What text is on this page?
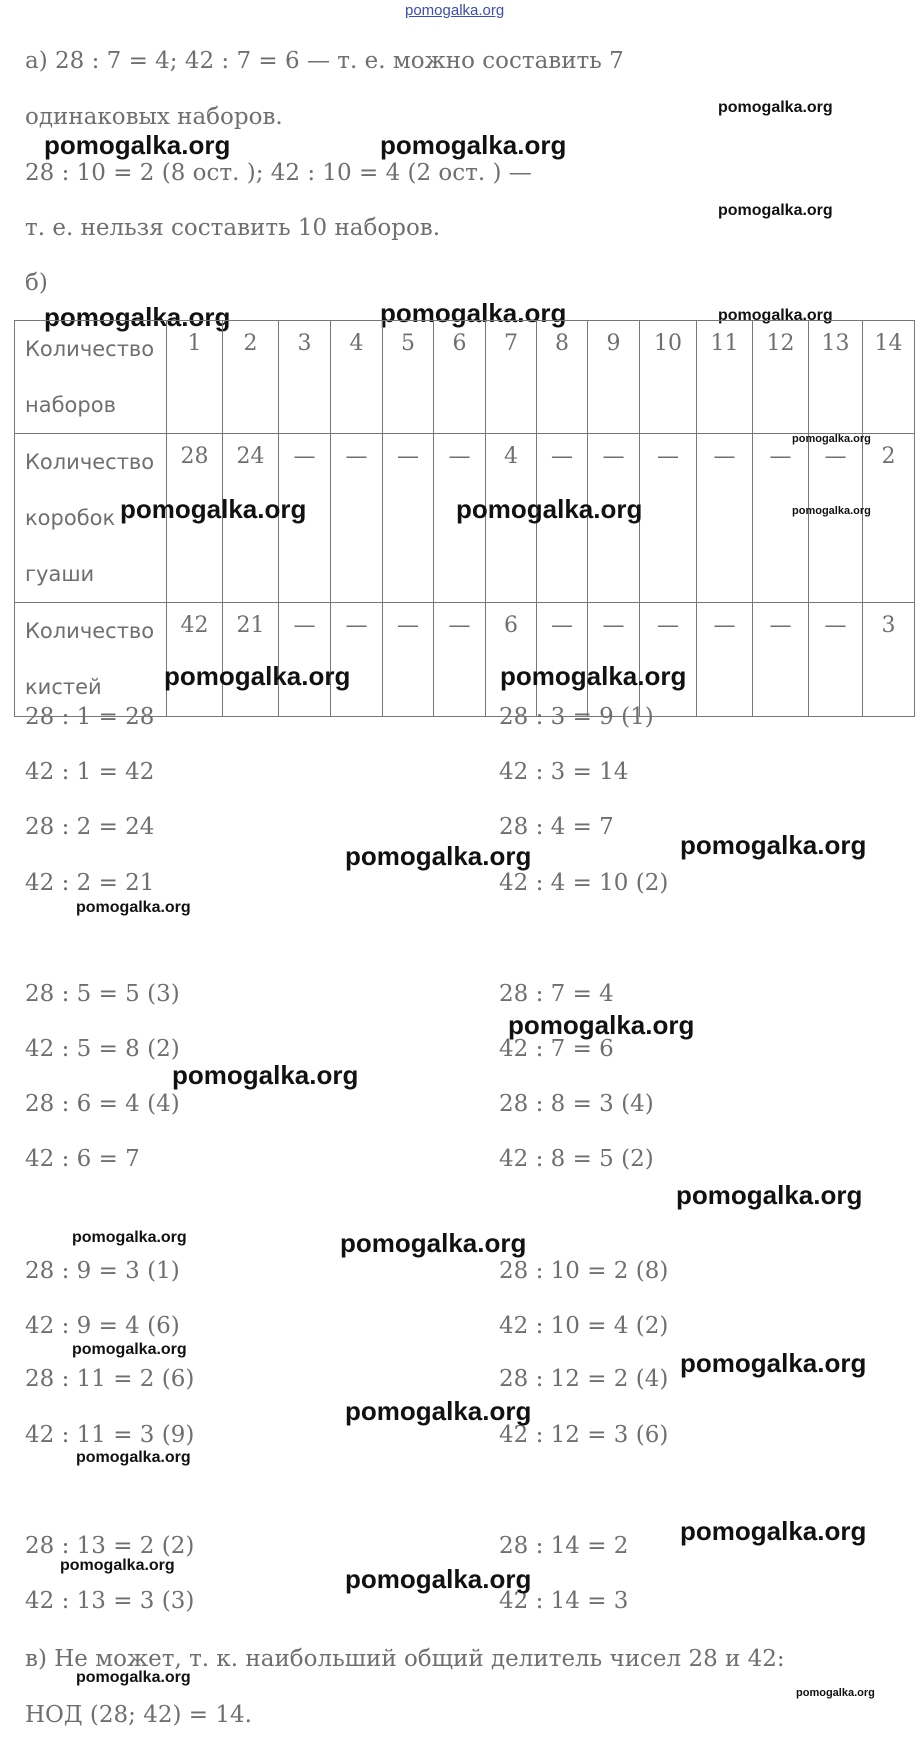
pomogalka.org
pomogalka.org
pomogalka.org	pomogalka.org
pomogalka.org
pomogalka.org	pomogalka.org	pomogalka.org
а) 28 : 7 = 4; 42 : 7 = 6 — т. е. можно составить 7
одинаковых наборов.
28 : 10 = 2 (8 ост. ); 42 : 10 = 4 (2 ост. ) —
т. е. нельзя составить 10 наборов.
б)
Количество наборов	1	2	3	4	5	6	7	8	9	10	11	12	13	14
Количество коробок гуаши	28	24	—	—	—	—	4	—	—	—	—	—	—	2
Количество кистей	42	21	—	—	—	—	6	—	—	—	—	—	—	3
pomogalka.org
pomogalka.org	pomogalka.org	pomogalka.org
pomogalka.org	pomogalka.org
28 : 1 = 28
42 : 1 = 42
28 : 2 = 24
42 : 2 = 21
28 : 5 = 5 (3)
42 : 5 = 8 (2)
28 : 6 = 4 (4)
42 : 6 = 7
28 : 9 = 3 (1)
42 : 9 = 4 (6)
28 : 11 = 2 (6)
42 : 11 = 3 (9)
28 : 13 = 2 (2)
42 : 13 = 3 (3)
28 : 3 = 9 (1)
42 : 3 = 14
28 : 4 = 7
42 : 4 = 10 (2)
28 : 7 = 4
42 : 7 = 6
28 : 8 = 3 (4)
42 : 8 = 5 (2)
28 : 10 = 2 (8)
42 : 10 = 4 (2)
28 : 12 = 2 (4)
42 : 12 = 3 (6)
28 : 14 = 2
42 : 14 = 3
pomogalka.org	pomogalka.org
pomogalka.org
pomogalka.org
pomogalka.org
pomogalka.org
pomogalka.org	pomogalka.org
pomogalka.org	pomogalka.org
pomogalka.org
pomogalka.org
pomogalka.org
pomogalka.org	pomogalka.org
в) Не может, т. к. наибольший общий делитель чисел 28 и 42:
pomogalka.org
НОД (28; 42) = 14.
pomogalka.org
